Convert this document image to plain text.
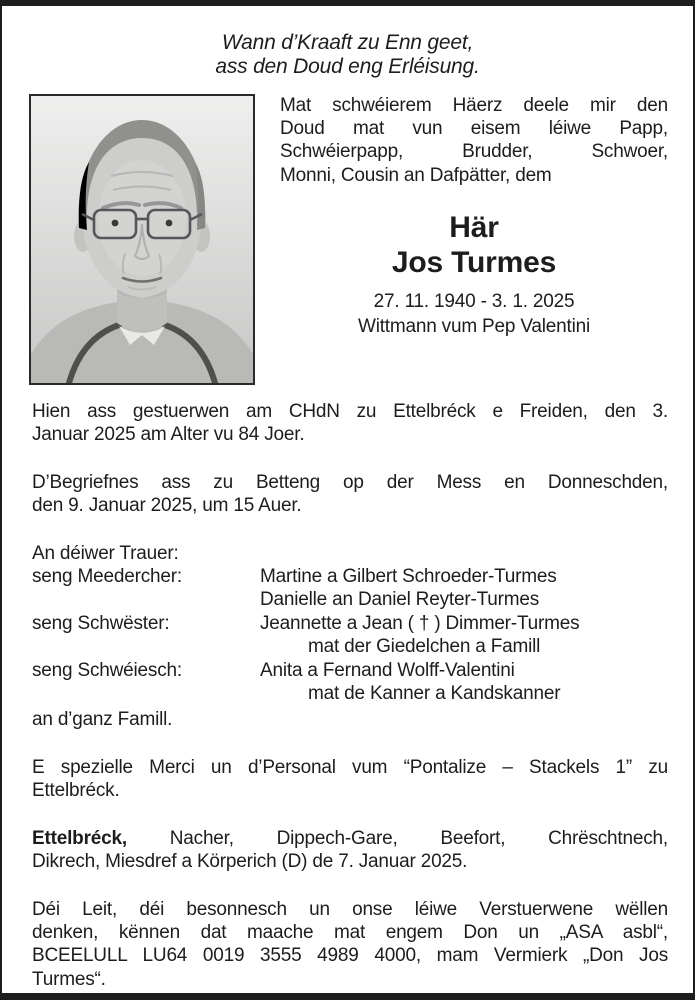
Wann d’Kraaft zu Enn geet,
ass den Doud eng Erléisung.
Mat schwéierem Häerz deele mir den
Doud mat vun eisem léiwe Papp,
Schwéierpapp, Brudder, Schwoer,
Monni, Cousin an Dafpätter, dem
Här
Jos Turmes
27. 11. 1940 - 3. 1. 2025
Wittmann vum Pep Valentini
Hien ass gestuerwen am CHdN zu Ettelbréck e Freiden, den 3.
Januar 2025 am Alter vu 84 Joer.
D’Begriefnes ass zu Betteng op der Mess en Donneschden,
den 9. Januar 2025, um 15 Auer.
An déiwer Trauer:
seng Meedercher:	Martine a Gilbert Schroeder-Turmes
Danielle an Daniel Reyter-Turmes
seng Schwëster:	Jeannette a Jean ( † ) Dimmer-Turmes
mat der Giedelchen a Famill
seng Schwéiesch:	Anita a Fernand Wolff-Valentini
mat de Kanner a Kandskanner
an d’ganz Famill.
E spezielle Merci un d’Personal vum “Pontalize – Stackels 1” zu
Ettelbréck.
Ettelbréck, Nacher, Dippech-Gare, Beefort, Chrëschtnech,
Dikrech, Miesdref a Körperich (D) de 7. Januar 2025.
Déi Leit, déi besonnesch un onse léiwe Verstuerwene wëllen
denken, kënnen dat maache mat engem Don un „ASA asbl“,
BCEELULL LU64 0019 3555 4989 4000, mam Vermierk „Don Jos
Turmes“.
